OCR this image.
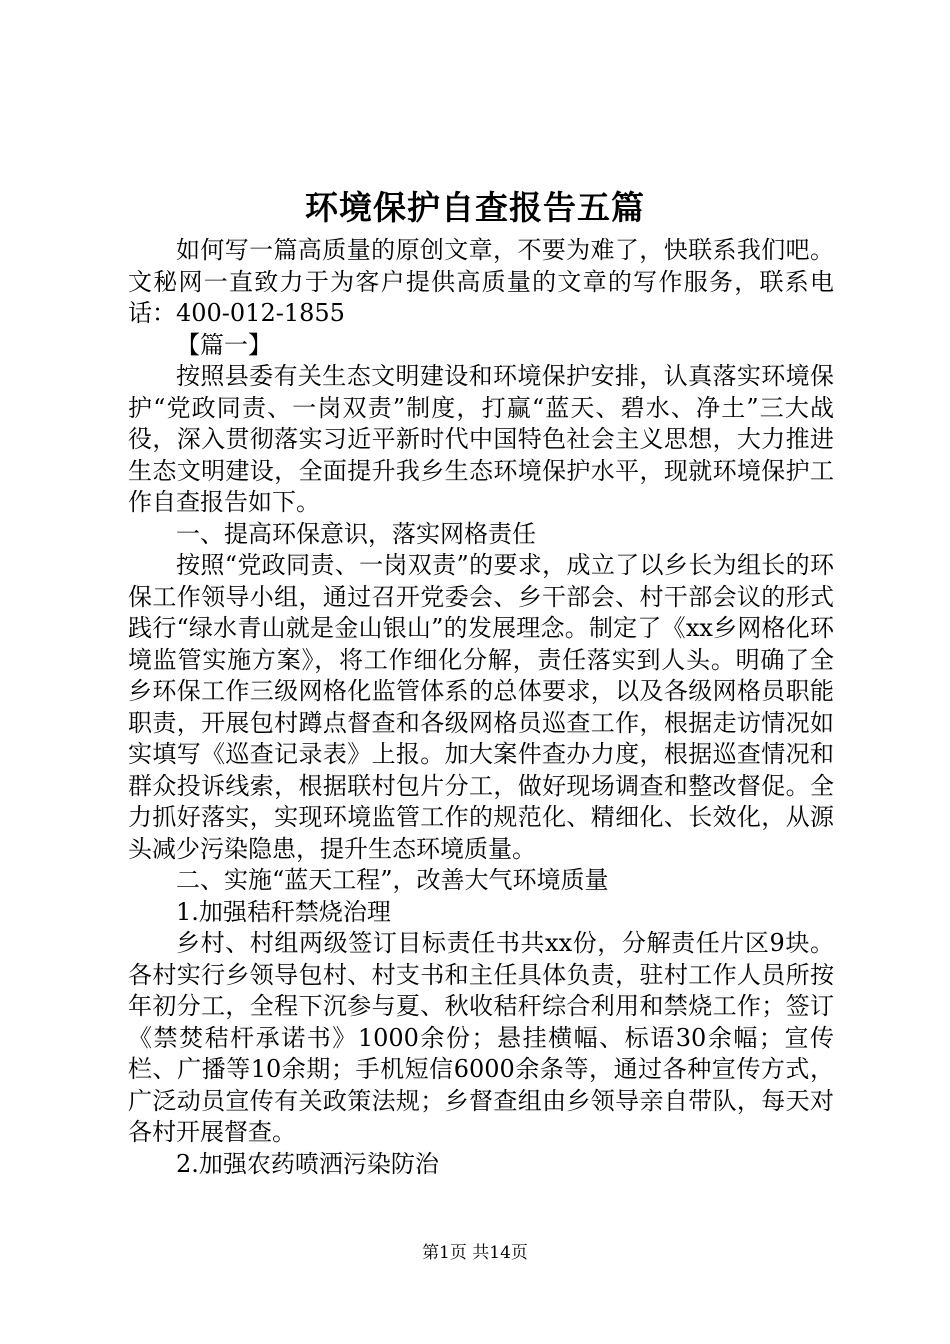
环境保护自查报告五篇

如何写一篇高质量的原创文章，不要为难了，快联系我们吧。文秘网一直致力于为客户提供高质量的文章的写作服务，联系电话：400-012-1855

【篇一】

按照县委有关生态文明建设和环境保护安排，认真落实环境保护“党政同责、一岗双责”制度，打赢“蓝天、碧水、净土”三大战役，深入贯彻落实习近平新时代中国特色社会主义思想，大力推进生态文明建设，全面提升我乡生态环境保护水平，现就环境保护工作自查报告如下。

一、提高环保意识，落实网格责任

按照“党政同责、一岗双责”的要求，成立了以乡长为组长的环保工作领导小组，通过召开党委会、乡干部会、村干部会议的形式践行“绿水青山就是金山银山”的发展理念。制定了《xx乡网格化环境监管实施方案》，将工作细化分解，责任落实到人头。明确了全乡环保工作三级网格化监管体系的总体要求，以及各级网格员职能职责，开展包村蹲点督查和各级网格员巡查工作，根据走访情况如实填写《巡查记录表》上报。加大案件查办力度，根据巡查情况和群众投诉线索，根据联村包片分工，做好现场调查和整改督促。全力抓好落实，实现环境监管工作的规范化、精细化、长效化，从源头减少污染隐患，提升生态环境质量。

二、实施“蓝天工程”，改善大气环境质量

1.加强秸秆禁烧治理

乡村、村组两级签订目标责任书共xx份，分解责任片区9块。各村实行乡领导包村、村支书和主任具体负责，驻村工作人员所按年初分工，全程下沉参与夏、秋收秸秆综合利用和禁烧工作；签订《禁焚秸杆承诺书》1000余份；悬挂横幅、标语30余幅；宣传栏、广播等10余期；手机短信6000余条等，通过各种宣传方式，广泛动员宣传有关政策法规；乡督查组由乡领导亲自带队，每天对各村开展督查。

2.加强农药喷洒污染防治

第1页 共14页
